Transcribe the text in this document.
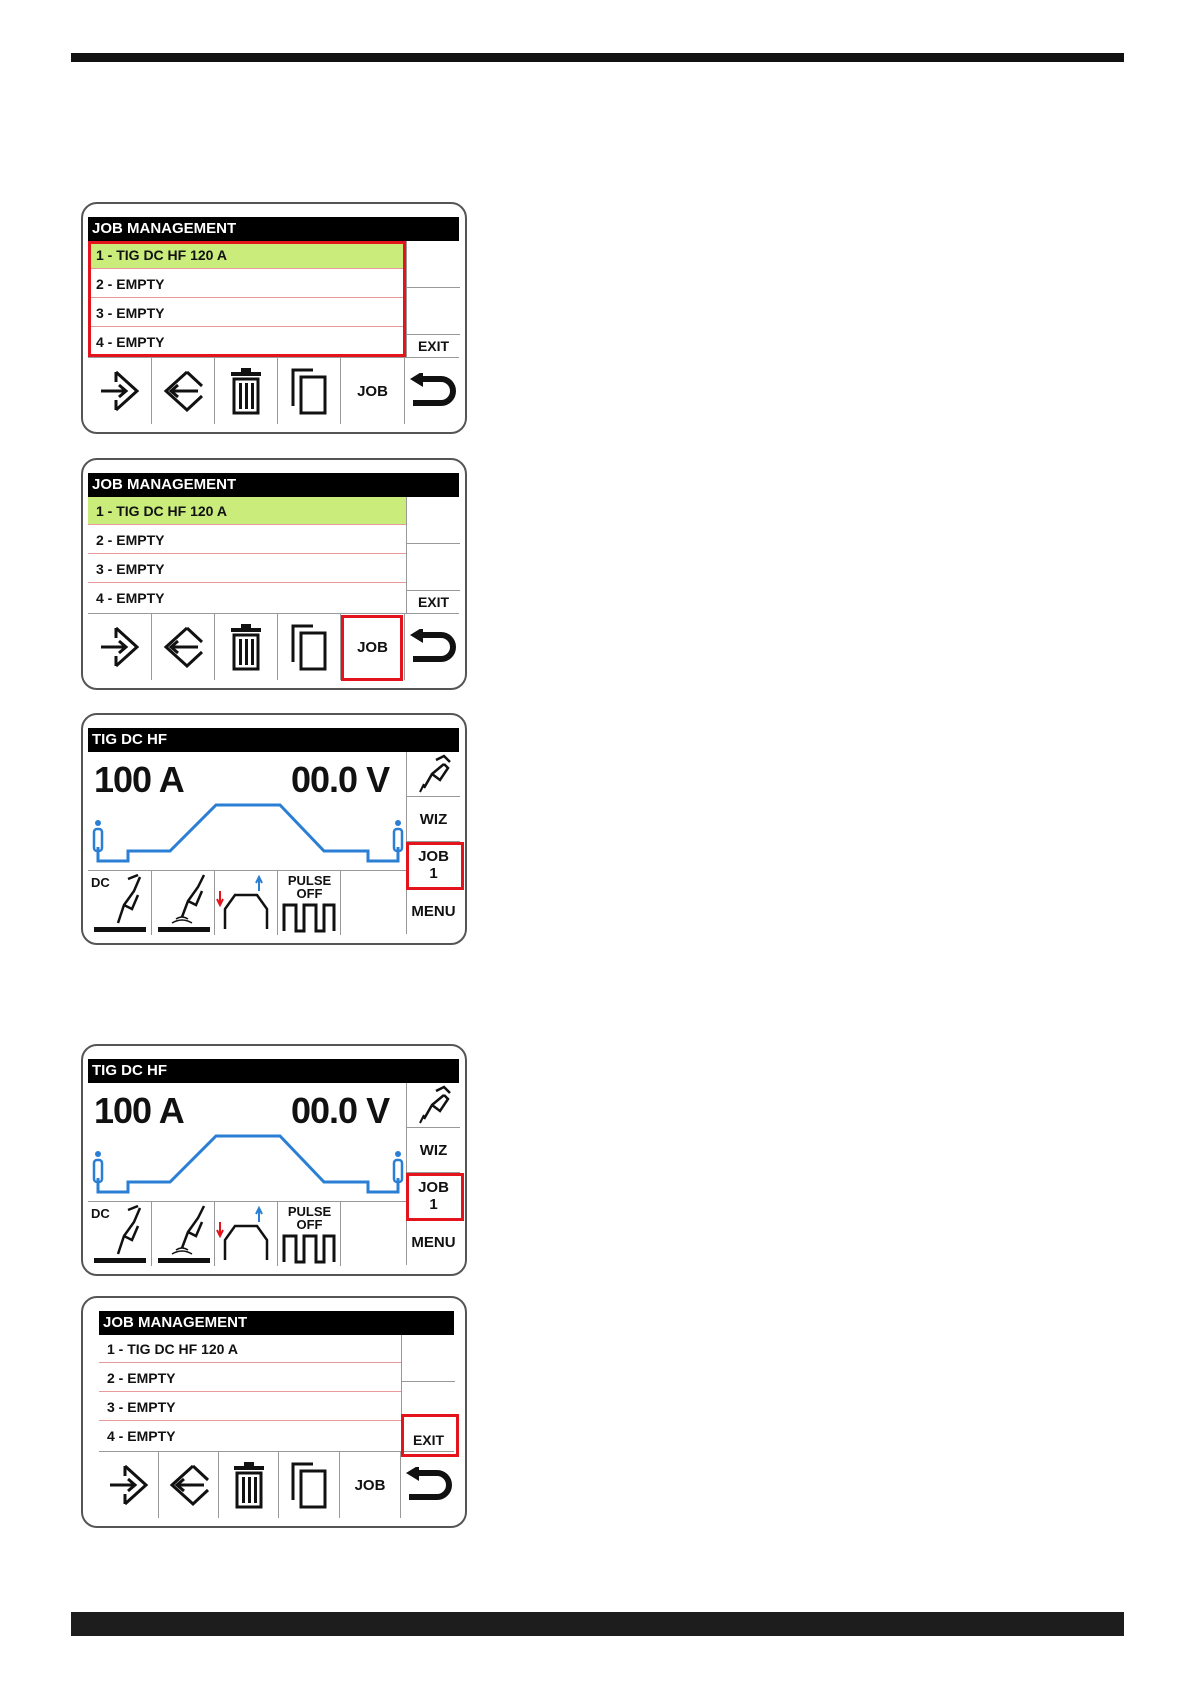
JOB MANAGEMENT
1 - TIG DC HF 120 A
2 - EMPTY
3 - EMPTY
4 - EMPTY	EXIT
JOB
JOB MANAGEMENT
1 - TIG DC HF 120 A
2 - EMPTY
3 - EMPTY
4 - EMPTY	EXIT
JOB
TIG DC HF
100 A	00.0 V
WIZ
JOB
1
MENU
DC	PULSE
OFF
TIG DC HF
100 A	00.0 V
WIZ
JOB
1
MENU
DC	PULSE
OFF
JOB MANAGEMENT
1 - TIG DC HF 120 A
2 - EMPTY
3 - EMPTY
4 - EMPTY	EXIT
JOB
